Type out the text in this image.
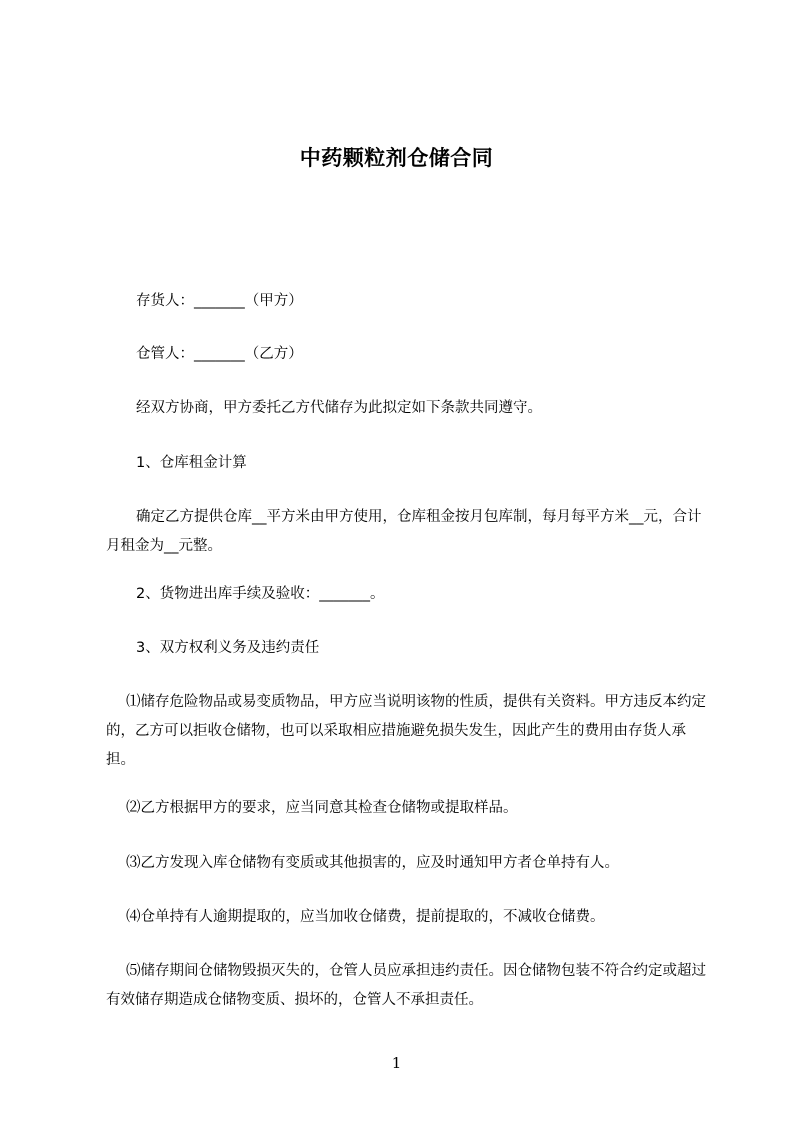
中药颗粒剂仓储合同

存货人：_______（甲方）

仓管人：_______（乙方）

经双方协商，甲方委托乙方代储存为此拟定如下条款共同遵守。

1、仓库租金计算

确定乙方提供仓库__平方米由甲方使用，仓库租金按月包库制，每月每平方米__元，合计月租金为__元整。

2、货物进出库手续及验收：_______。

3、双方权利义务及违约责任

⑴储存危险物品或易变质物品，甲方应当说明该物的性质，提供有关资料。甲方违反本约定的，乙方可以拒收仓储物，也可以采取相应措施避免损失发生，因此产生的费用由存货人承担。

⑵乙方根据甲方的要求，应当同意其检查仓储物或提取样品。

⑶乙方发现入库仓储物有变质或其他损害的，应及时通知甲方者仓单持有人。

⑷仓单持有人逾期提取的，应当加收仓储费，提前提取的，不减收仓储费。

⑸储存期间仓储物毁损灭失的，仓管人员应承担违约责任。因仓储物包装不符合约定或超过有效储存期造成仓储物变质、损坏的，仓管人不承担责任。

1
